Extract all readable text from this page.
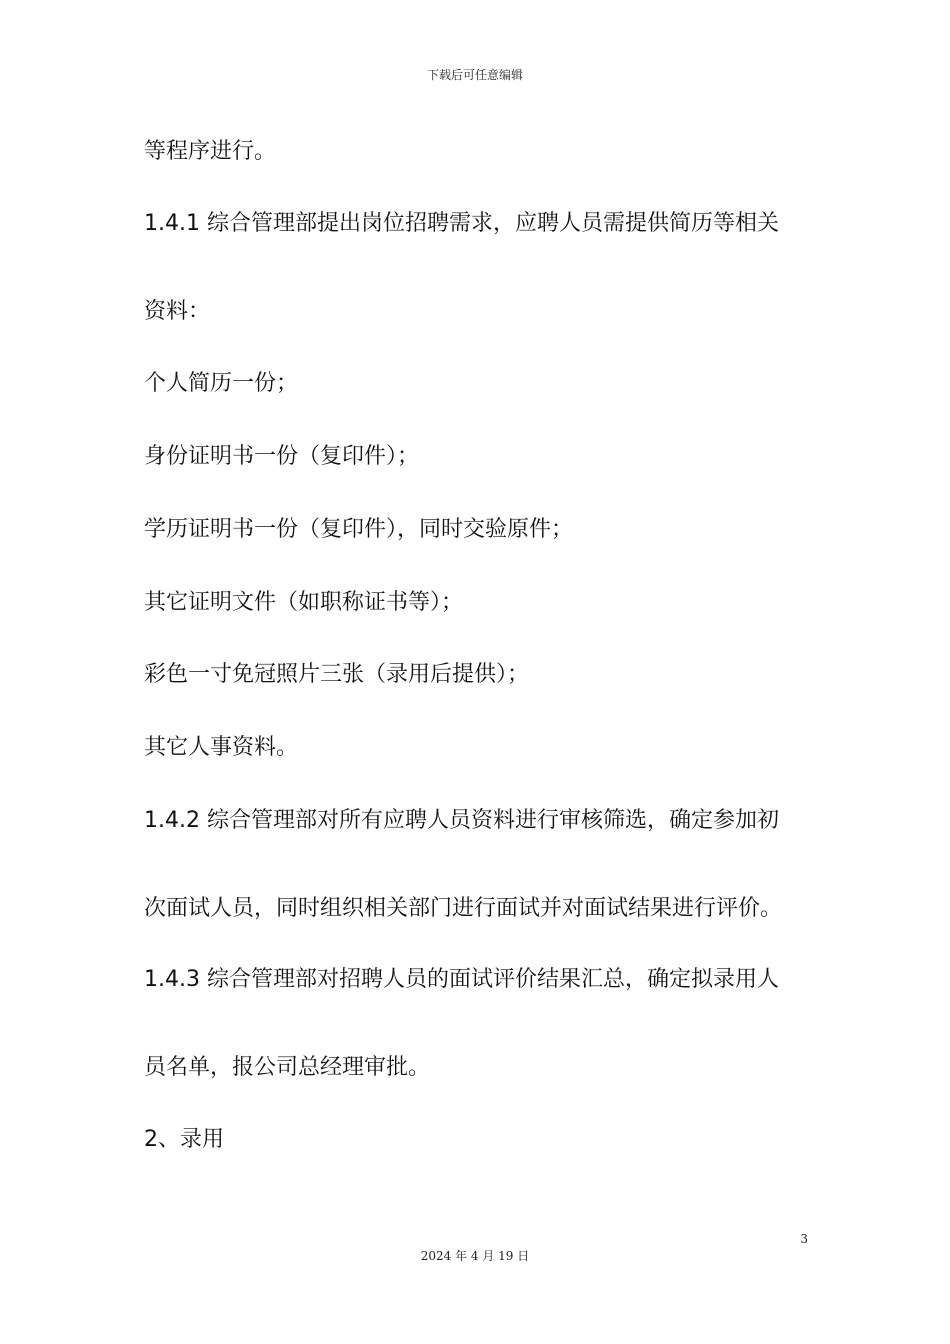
下载后可任意编辑
等程序进行。
1.4.1 综合管理部提出岗位招聘需求，应聘人员需提供简历等相关
资料：
个人简历一份；
身份证明书一份（复印件）；
学历证明书一份（复印件），同时交验原件；
其它证明文件（如职称证书等）；
彩色一寸免冠照片三张（录用后提供）；
其它人事资料。
1.4.2 综合管理部对所有应聘人员资料进行审核筛选，确定参加初
次面试人员，同时组织相关部门进行面试并对面试结果进行评价。
1.4.3 综合管理部对招聘人员的面试评价结果汇总，确定拟录用人
员名单，报公司总经理审批。
2、录用
3
2024 年 4 月 19 日
